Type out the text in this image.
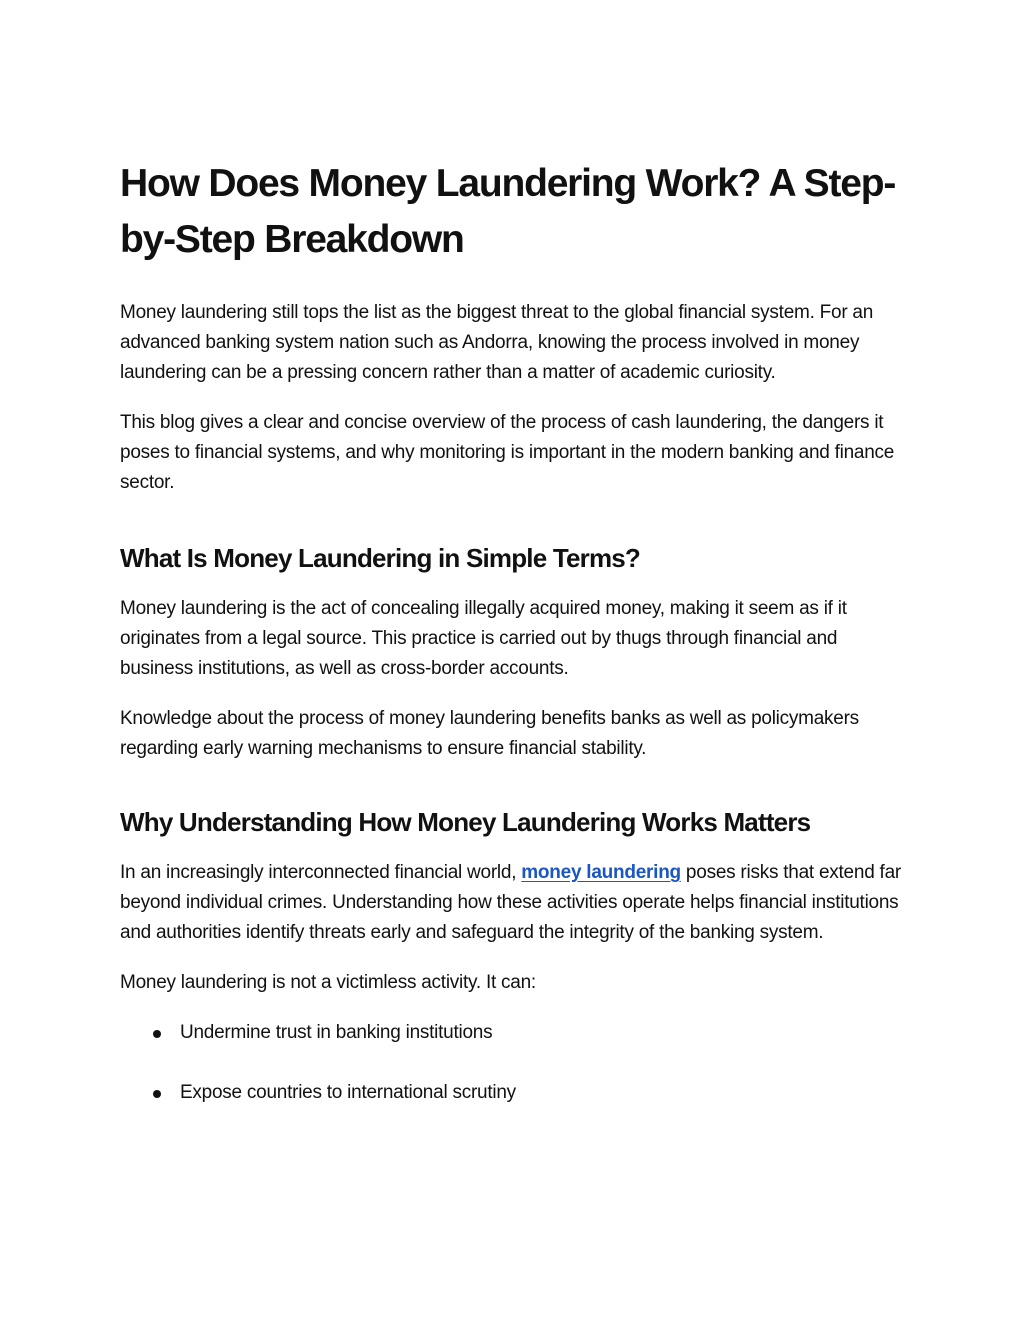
How Does Money Laundering Work? A Step-by-Step Breakdown

Money laundering still tops the list as the biggest threat to the global financial system. For an advanced banking system nation such as Andorra, knowing the process involved in money laundering can be a pressing concern rather than a matter of academic curiosity.

This blog gives a clear and concise overview of the process of cash laundering, the dangers it poses to financial systems, and why monitoring is important in the modern banking and finance sector.

What Is Money Laundering in Simple Terms?

Money laundering is the act of concealing illegally acquired money, making it seem as if it originates from a legal source. This practice is carried out by thugs through financial and business institutions, as well as cross-border accounts.

Knowledge about the process of money laundering benefits banks as well as policymakers regarding early warning mechanisms to ensure financial stability.

Why Understanding How Money Laundering Works Matters

In an increasingly interconnected financial world, money laundering poses risks that extend far beyond individual crimes. Understanding how these activities operate helps financial institutions and authorities identify threats early and safeguard the integrity of the banking system.

Money laundering is not a victimless activity. It can:

Undermine trust in banking institutions
Expose countries to international scrutiny
